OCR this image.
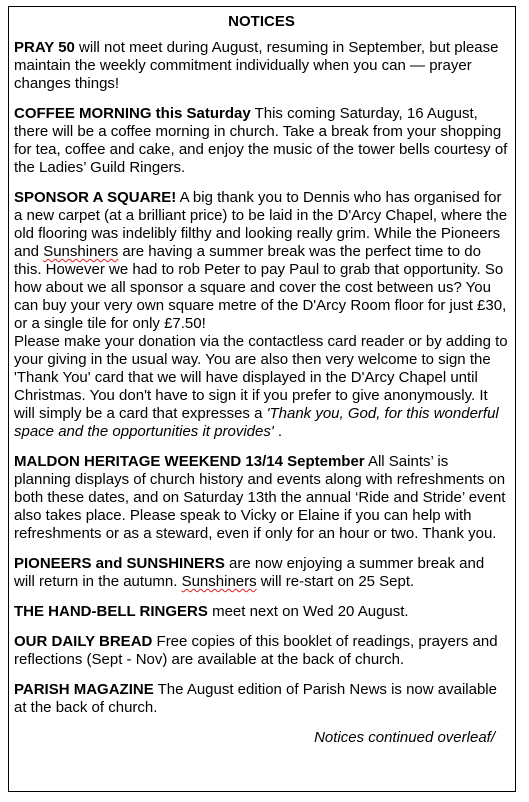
NOTICES

PRAY 50 will not meet during August, resuming in September, but please maintain the weekly commitment individually when you can — prayer changes things!

COFFEE MORNING this Saturday This coming Saturday, 16 August, there will be a coffee morning in church. Take a break from your shopping for tea, coffee and cake, and enjoy the music of the tower bells courtesy of the Ladies’ Guild Ringers.

SPONSOR A SQUARE! A big thank you to Dennis who has organised for a new carpet (at a brilliant price) to be laid in the D'Arcy Chapel, where the old flooring was indelibly filthy and looking really grim. While the Pioneers and Sunshiners are having a summer break was the perfect time to do this. However we had to rob Peter to pay Paul to grab that opportunity. So how about we all sponsor a square and cover the cost between us? You can buy your very own square metre of the D'Arcy Room floor for just £30, or a single tile for only £7.50!

Please make your donation via the contactless card reader or by adding to your giving in the usual way. You are also then very welcome to sign the 'Thank You' card that we will have displayed in the D'Arcy Chapel until Christmas. You don't have to sign it if you prefer to give anonymously. It will simply be a card that expresses a 'Thank you, God, for this wonderful space and the opportunities it provides' .

MALDON HERITAGE WEEKEND 13/14 September All Saints’ is planning displays of church history and events along with refreshments on both these dates, and on Saturday 13th the annual ‘Ride and Stride’ event also takes place. Please speak to Vicky or Elaine if you can help with refreshments or as a steward, even if only for an hour or two. Thank you.

PIONEERS and SUNSHINERS are now enjoying a summer break and will return in the autumn. Sunshiners will re-start on 25 Sept.

THE HAND-BELL RINGERS meet next on Wed 20 August.

OUR DAILY BREAD Free copies of this booklet of readings, prayers and reflections (Sept - Nov) are available at the back of church.

PARISH MAGAZINE The August edition of Parish News is now available at the back of church.

Notices continued overleaf/
